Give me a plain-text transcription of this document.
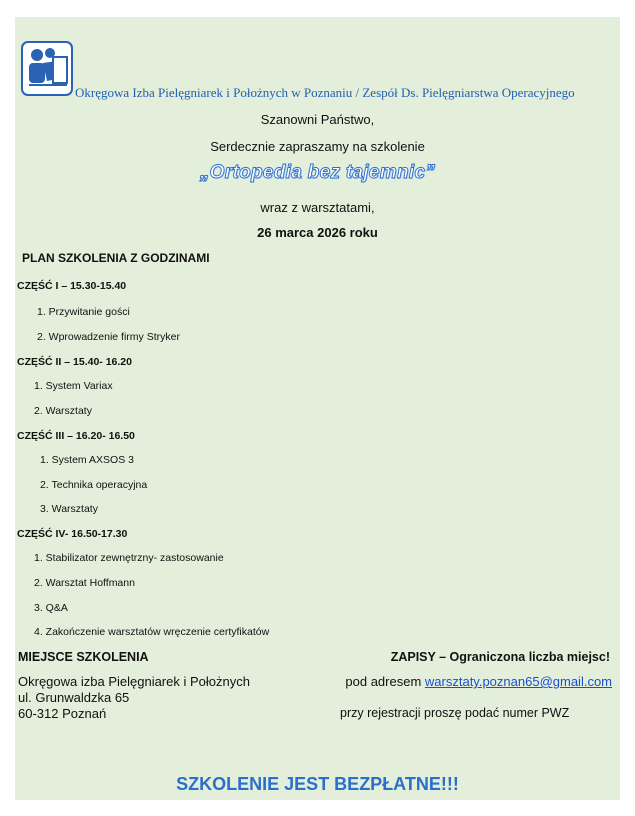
Okręgowa Izba Pielęgniarek i Położnych w Poznaniu / Zespół Ds. Pielęgniarstwa Operacyjnego
Szanowni Państwo,
Serdecznie zapraszamy na szkolenie
„Ortopedia bez tajemnic”
wraz z warsztatami,
26 marca 2026 roku
PLAN SZKOLENIA Z GODZINAMI
CZĘŚĆ I – 15.30-15.40
1. Przywitanie gości
2. Wprowadzenie firmy Stryker
CZĘŚĆ II – 15.40- 16.20
1. System Variax
2. Warsztaty
CZĘŚĆ III – 16.20- 16.50
1. System AXSOS 3
2. Technika operacyjna
3. Warsztaty
CZĘŚĆ IV- 16.50-17.30
1. Stabilizator zewnętrzny- zastosowanie
2. Warsztat Hoffmann
3. Q&A
4. Zakończenie warsztatów wręczenie certyfikatów
MIEJSCE SZKOLENIA	ZAPISY – Ograniczona liczba miejsc!
Okręgowa izba Pielęgniarek i Położnych
ul. Grunwaldzka 65
60-312 Poznań
pod adresem warsztaty.poznan65@gmail.com
przy rejestracji proszę podać numer PWZ
SZKOLENIE JEST BEZPŁATNE!!!
